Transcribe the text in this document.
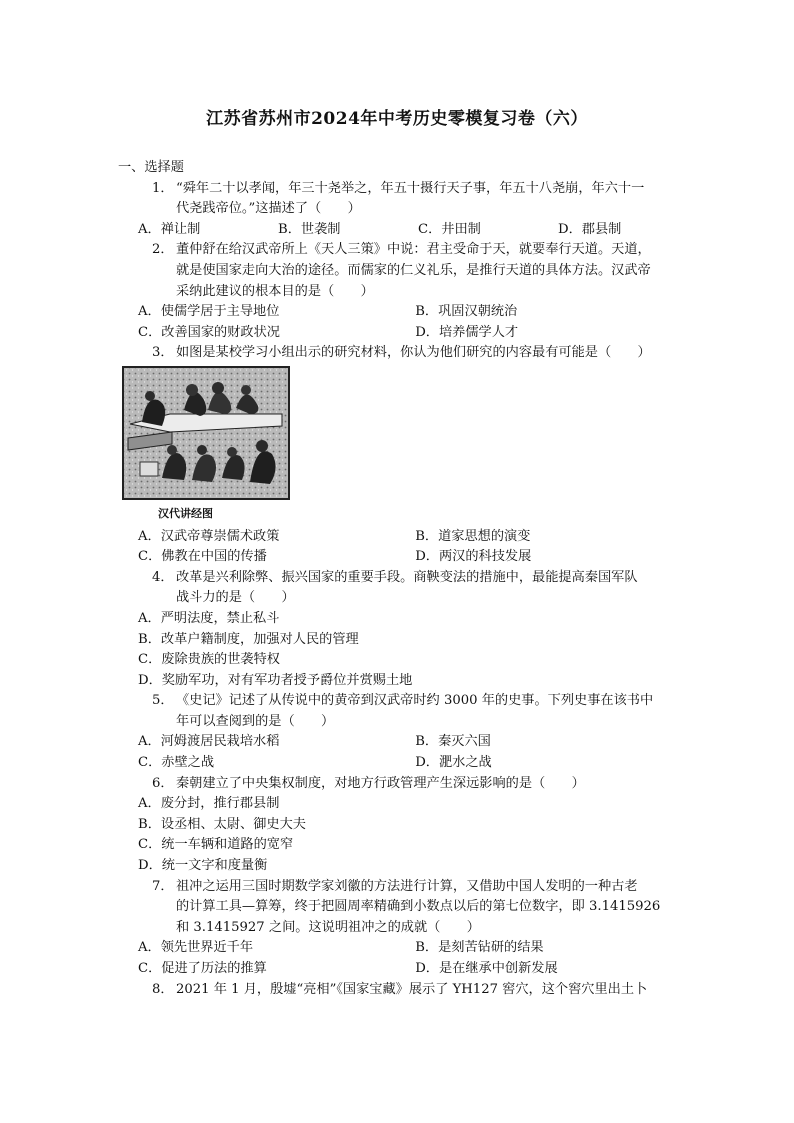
江苏省苏州市2024年中考历史零模复习卷（六）
一、选择题
1． “舜年二十以孝闻，年三十尧举之，年五十摄行天子事，年五十八尧崩，年六十一
代尧践帝位。”这描述了（　　）
A．禅让制	B．世袭制	C．井田制	D．郡县制
2． 董仲舒在给汉武帝所上《天人三策》中说：君主受命于天，就要奉行天道。天道，
就是使国家走向大治的途径。而儒家的仁义礼乐，是推行天道的具体方法。汉武帝
采纳此建议的根本目的是（　　）
A．使儒学居于主导地位	B．巩固汉朝统治
C．改善国家的财政状况	D．培养儒学人才
3． 如图是某校学习小组出示的研究材料，你认为他们研究的内容最有可能是（　　）
汉代讲经图
A．汉武帝尊崇儒术政策	B．道家思想的演变
C．佛教在中国的传播	D．两汉的科技发展
4． 改革是兴利除弊、振兴国家的重要手段。商鞅变法的措施中，最能提高秦国军队
战斗力的是（　　）
A．严明法度，禁止私斗
B．改革户籍制度，加强对人民的管理
C．废除贵族的世袭特权
D．奖励军功，对有军功者授予爵位并赏赐土地
5． 《史记》记述了从传说中的黄帝到汉武帝时约 3000 年的史事。下列史事在该书中
年可以查阅到的是（　　）
A．河姆渡居民栽培水稻	B．秦灭六国
C．赤壁之战	D．淝水之战
6． 秦朝建立了中央集权制度，对地方行政管理产生深远影响的是（　　）
A．废分封，推行郡县制
B．设丞相、太尉、御史大夫
C．统一车辆和道路的宽窄
D．统一文字和度量衡
7． 祖冲之运用三国时期数学家刘徽的方法进行计算，又借助中国人发明的一种古老
的计算工具—算筹，终于把圆周率精确到小数点以后的第七位数字，即 3.1415926
和 3.1415927 之间。这说明祖冲之的成就（　　）
A．领先世界近千年	B．是刻苦钻研的结果
C．促进了历法的推算	D．是在继承中创新发展
8． 2021 年 1 月，殷墟“亮相”《国家宝藏》展示了 YH127 窖穴，这个窖穴里出土卜
